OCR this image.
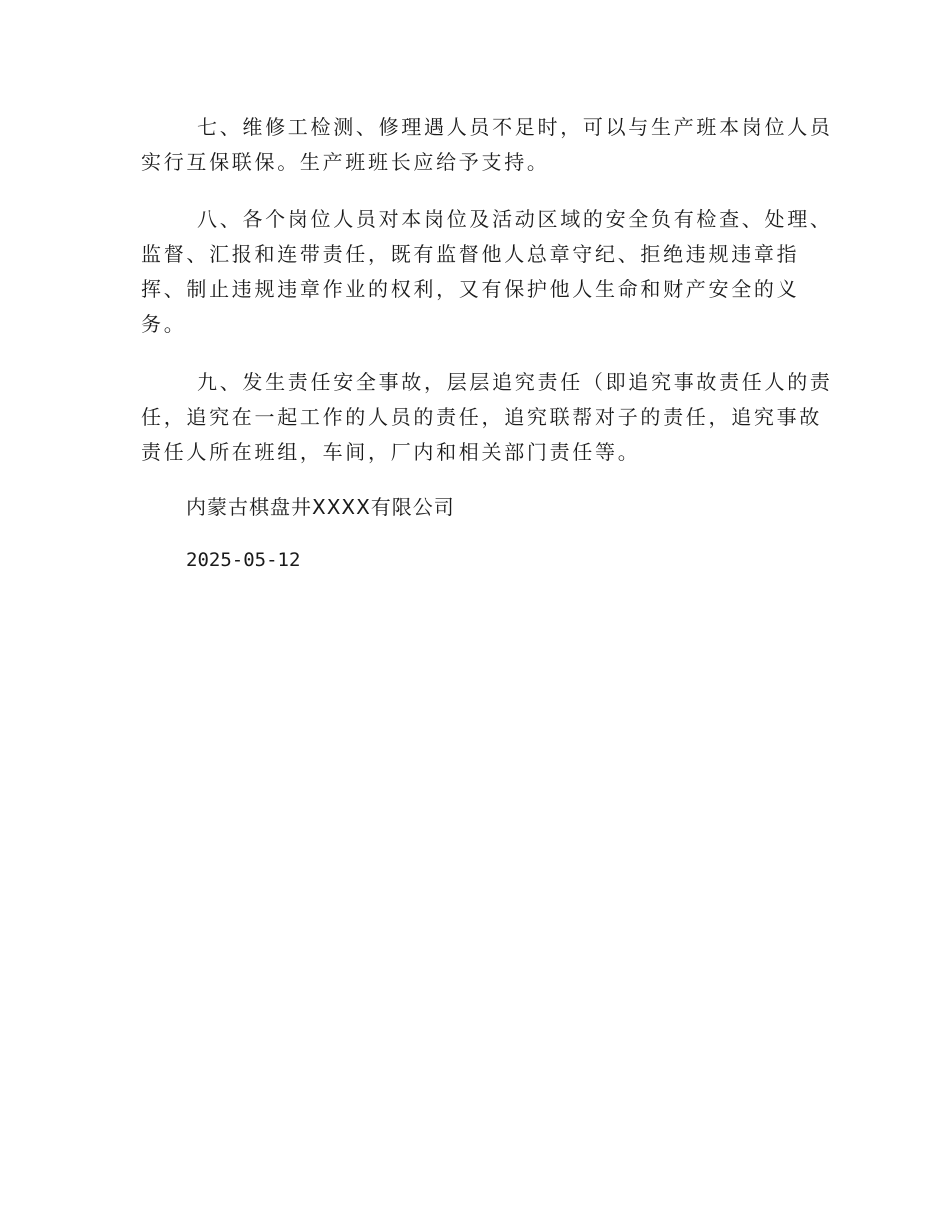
七、维修工检测、修理遇人员不足时，可以与生产班本岗位人员
实行互保联保。生产班班长应给予支持。
八、各个岗位人员对本岗位及活动区域的安全负有检查、处理、
监督、汇报和连带责任，既有监督他人总章守纪、拒绝违规违章指
挥、制止违规违章作业的权利，又有保护他人生命和财产安全的义
务。
九、发生责任安全事故，层层追究责任（即追究事故责任人的责
任，追究在一起工作的人员的责任，追究联帮对子的责任，追究事故
责任人所在班组，车间，厂内和相关部门责任等。
内蒙古棋盘井XXXX有限公司
2025-05-12
